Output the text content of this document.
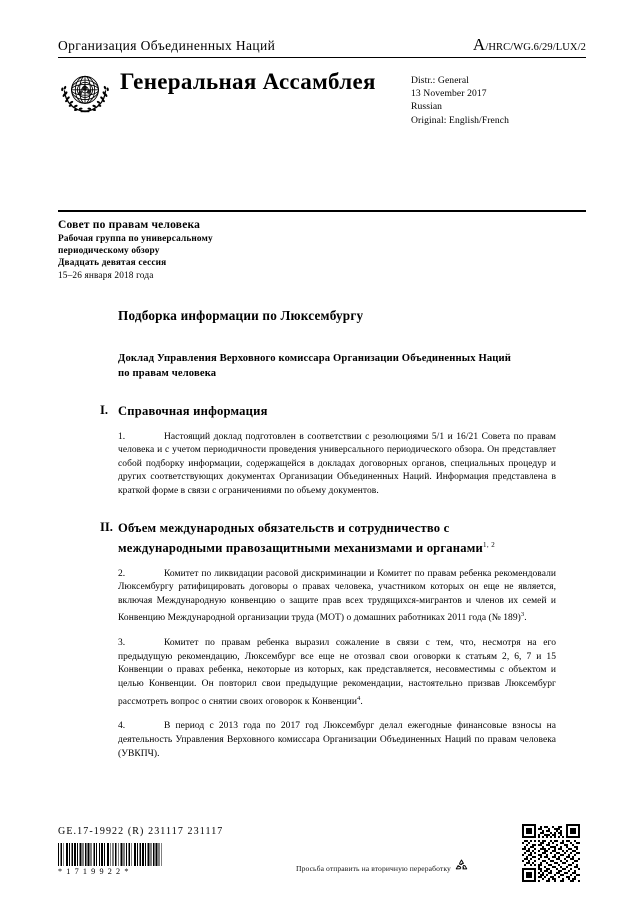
Организация Объединенных Наций	A/HRC/WG.6/29/LUX/2
Генеральная Ассамблея	Distr.: General
13 November 2017
Russian
Original: English/French
Совет по правам человека
Рабочая группа по универсальному
периодическому обзору
Двадцать девятая сессия
15–26 января 2018 года
Подборка информации по Люксембургу
Доклад Управления Верховного комиссара Организации Объединенных Наций по правам человека
I. Справочная информация
1.	Настоящий доклад подготовлен в соответствии с резолюциями 5/1 и 16/21 Совета по правам человека и с учетом периодичности проведения универсального периодического обзора. Он представляет собой подборку информации, содержащейся в докладах договорных органов, специальных процедур и других соответствующих документах Организации Объединенных Наций. Информация представлена в краткой форме в связи с ограничениями по объему документов.
II. Объем международных обязательств и сотрудничество с международными правозащитными механизмами и органами$^{1, 2}$
2.	Комитет по ликвидации расовой дискриминации и Комитет по правам ребенка рекомендовали Люксембургу ратифицировать договоры о правах человека, участником которых он еще не является, включая Международную конвенцию о защите прав всех трудящихся-мигрантов и членов их семей и Конвенцию Международной организации труда (МОТ) о домашних работниках 2011 года (№ 189)$^3$.
3.	Комитет по правам ребенка выразил сожаление в связи с тем, что, несмотря на его предыдущую рекомендацию, Люксембург все еще не отозвал свои оговорки к статьям 2, 6, 7 и 15 Конвенции о правах ребенка, некоторые из которых, как представляется, несовместимы с объектом и целью Конвенции. Он повторил свои предыдущие рекомендации, настоятельно призвав Люксембург рассмотреть вопрос о снятии своих оговорок к Конвенции$^4$.
4.	В период с 2013 года по 2017 год Люксембург делал ежегодные финансовые взносы на деятельность Управления Верховного комиссара Организации Объединенных Наций по правам человека (УВКПЧ).
GE.17-19922 (R) 231117 231117
*1719922*	Просьба отправить на вторичную переработку
